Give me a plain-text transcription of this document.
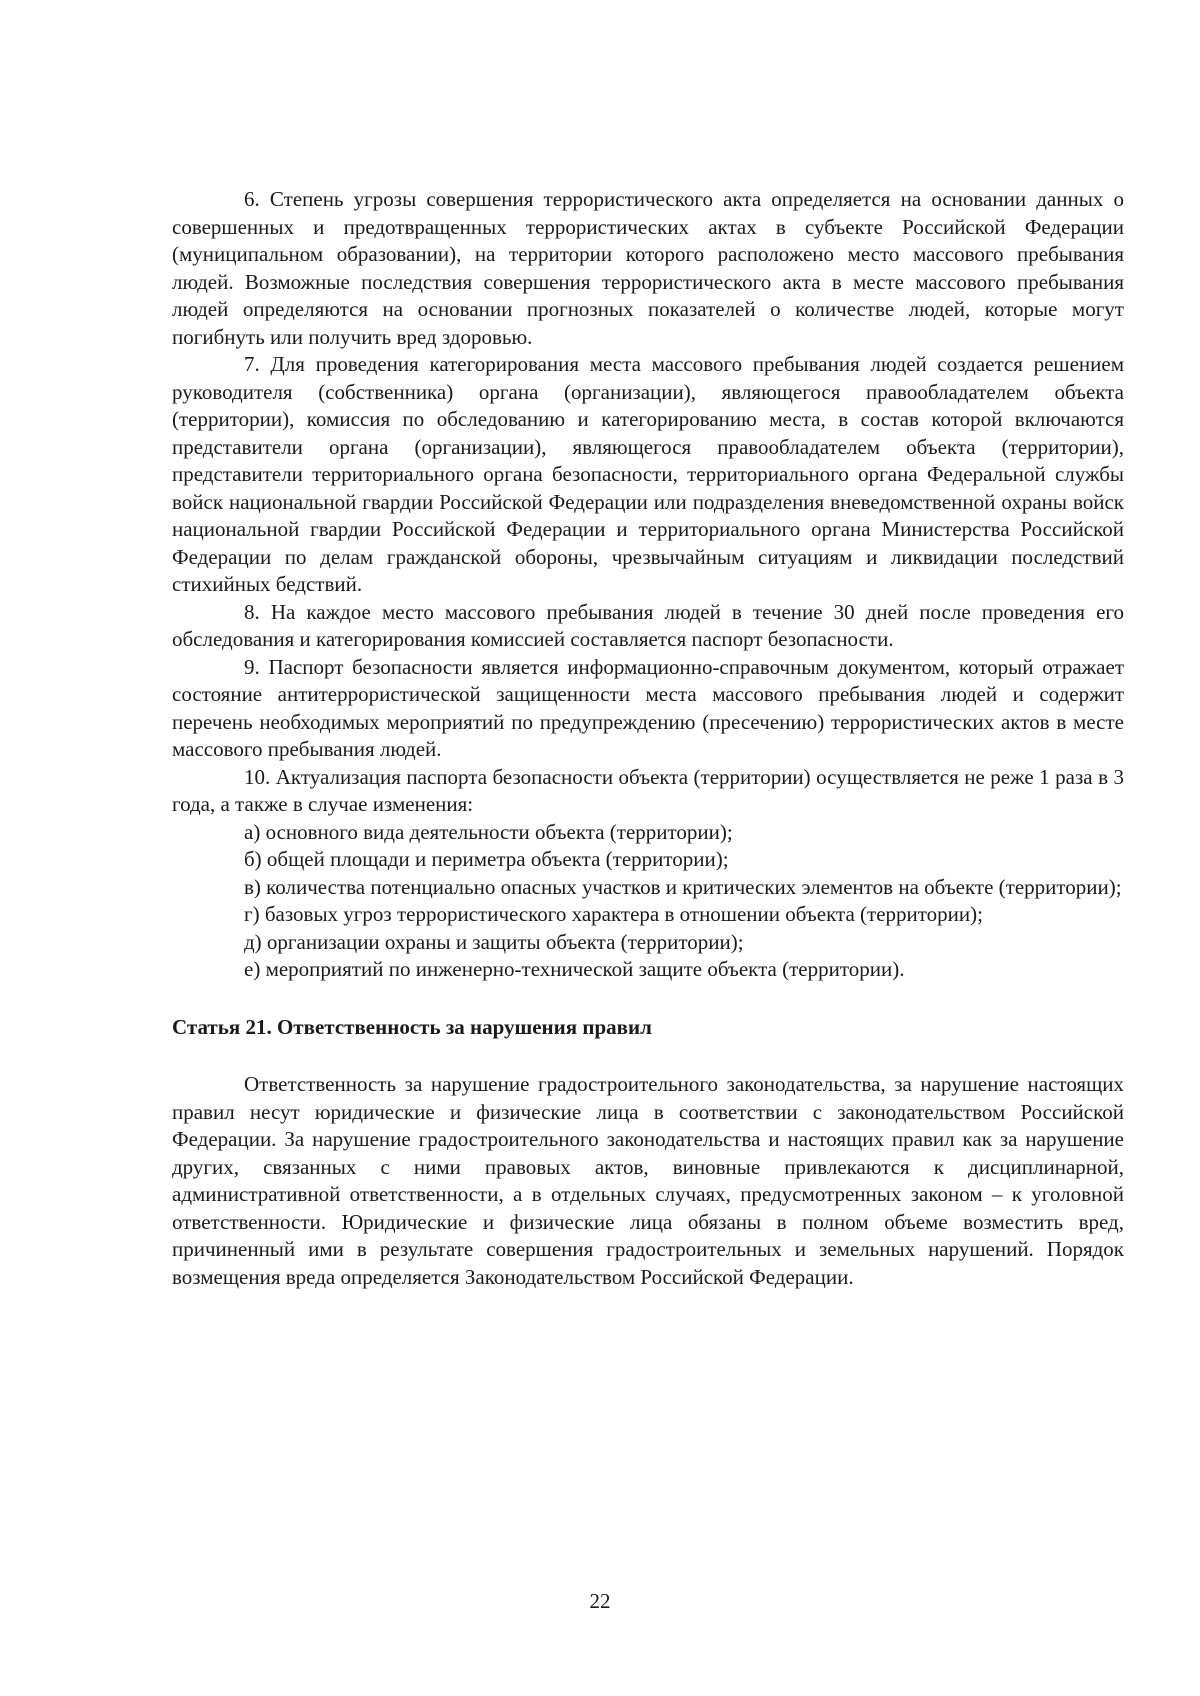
6. Степень угрозы совершения террористического акта определяется на основании данных о совершенных и предотвращенных террористических актах в субъекте Российской Федерации (муниципальном образовании), на территории которого расположено место массового пребывания людей. Возможные последствия совершения террористического акта в месте массового пребывания людей определяются на основании прогнозных показателей о количестве людей, которые могут погибнуть или получить вред здоровью.

7. Для проведения категорирования места массового пребывания людей создается решением руководителя (собственника) органа (организации), являющегося правообладателем объекта (территории), комиссия по обследованию и категорированию места, в состав которой включаются представители органа (организации), являющегося правообладателем объекта (территории), представители территориального органа безопасности, территориального органа Федеральной службы войск национальной гвардии Российской Федерации или подразделения вневедомственной охраны войск национальной гвардии Российской Федерации и территориального органа Министерства Российской Федерации по делам гражданской обороны, чрезвычайным ситуациям и ликвидации последствий стихийных бедствий.

8. На каждое место массового пребывания людей в течение 30 дней после проведения его обследования и категорирования комиссией составляется паспорт безопасности.

9. Паспорт безопасности является информационно-справочным документом, который отражает состояние антитеррористической защищенности места массового пребывания людей и содержит перечень необходимых мероприятий по предупреждению (пресечению) террористических актов в месте массового пребывания людей.

10. Актуализация паспорта безопасности объекта (территории) осуществляется не реже 1 раза в 3 года, а также в случае изменения:

а) основного вида деятельности объекта (территории);

б) общей площади и периметра объекта (территории);

в) количества потенциально опасных участков и критических элементов на объекте (территории);

г) базовых угроз террористического характера в отношении объекта (территории);

д) организации охраны и защиты объекта (территории);

е) мероприятий по инженерно-технической защите объекта (территории).

Статья 21. Ответственность за нарушения правил

Ответственность за нарушение градостроительного законодательства, за нарушение настоящих правил несут юридические и физические лица в соответствии с законодательством Российской Федерации. За нарушение градостроительного законодательства и настоящих правил как за нарушение других, связанных с ними правовых актов, виновные привлекаются к дисциплинарной, административной ответственности, а в отдельных случаях, предусмотренных законом – к уголовной ответственности. Юридические и физические лица обязаны в полном объеме возместить вред, причиненный ими в результате совершения градостроительных и земельных нарушений. Порядок возмещения вреда определяется Законодательством Российской Федерации.

22
